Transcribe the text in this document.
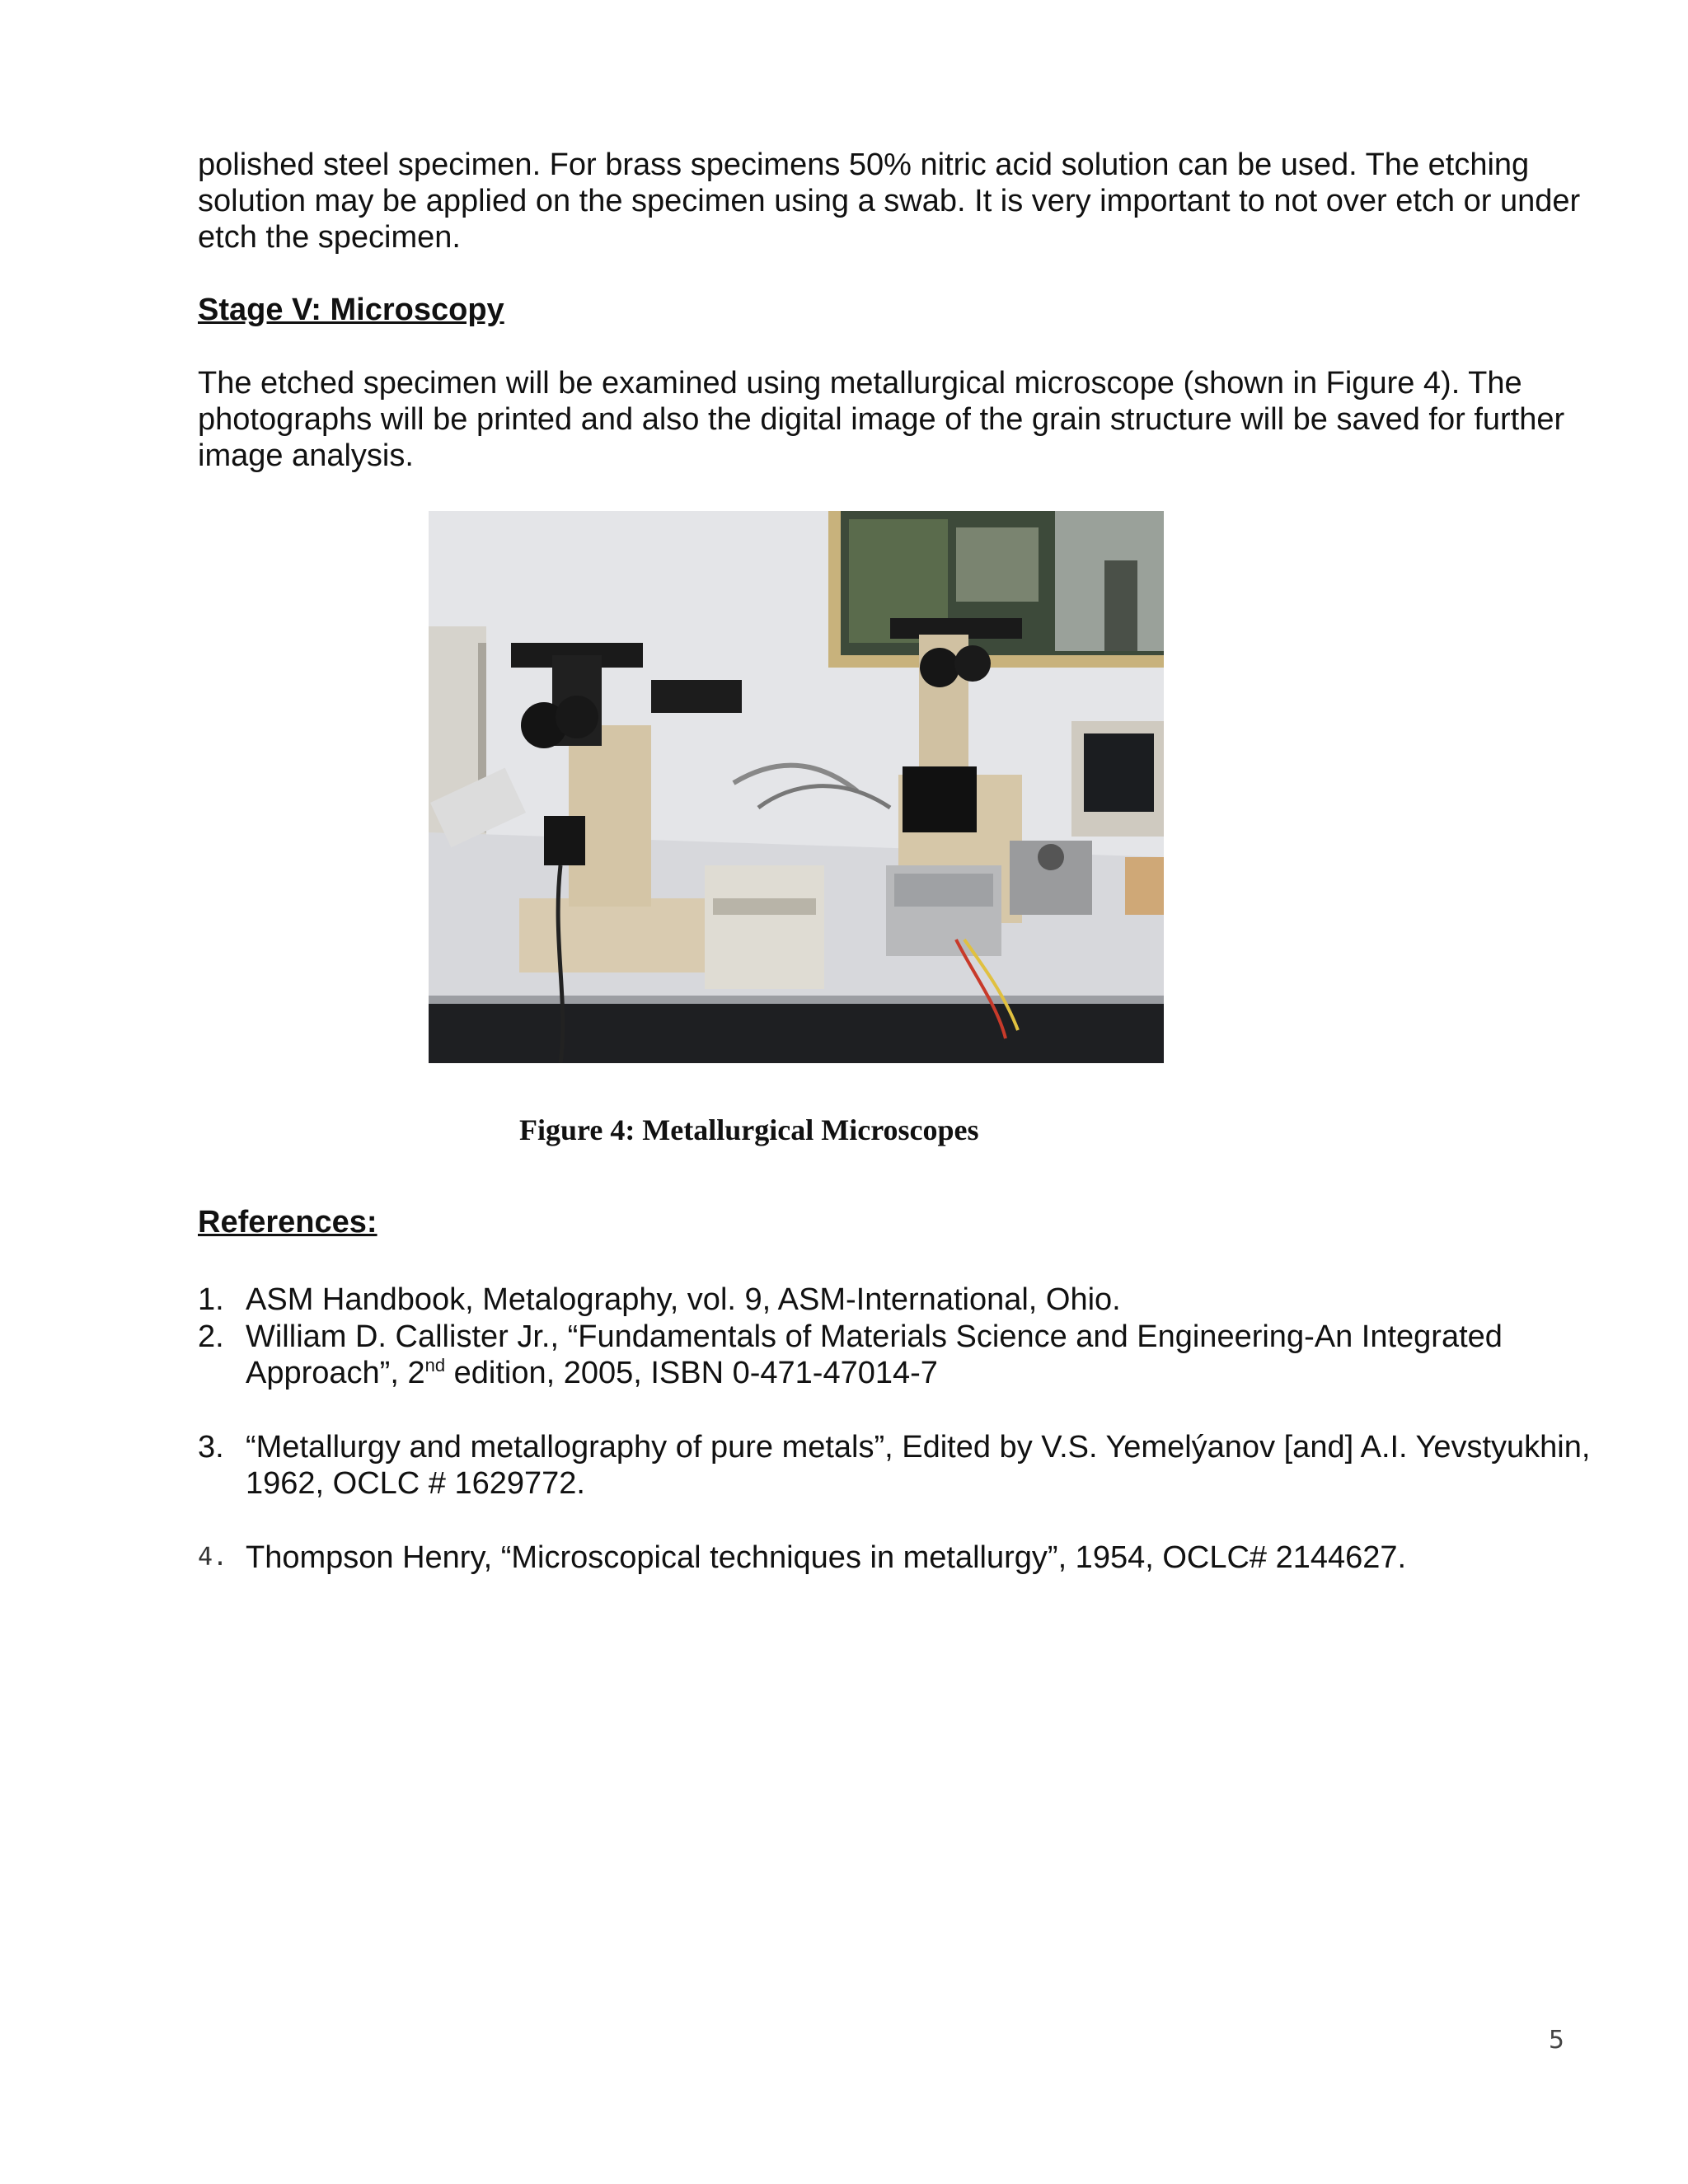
polished steel specimen. For brass specimens 50% nitric acid solution can be used. The etching solution may be applied on the specimen using a swab. It is very important to not over etch or under etch the specimen.
Stage V: Microscopy
The etched specimen will be examined using metallurgical microscope (shown in Figure 4). The photographs will be printed and also the digital image of the grain structure will be saved for further image analysis.
Figure 4: Metallurgical Microscopes
References:
1. ASM Handbook, Metalography, vol. 9, ASM-International, Ohio.
2. William D. Callister Jr., “Fundamentals of Materials Science and Engineering-An Integrated Approach”, 2nd edition, 2005, ISBN 0-471-47014-7
3. “Metallurgy and metallography of pure metals”, Edited by V.S. Yemelýanov [and] A.I. Yevstyukhin, 1962, OCLC # 1629772.
4. Thompson Henry, “Microscopical techniques in metallurgy”, 1954, OCLC# 2144627.
5
